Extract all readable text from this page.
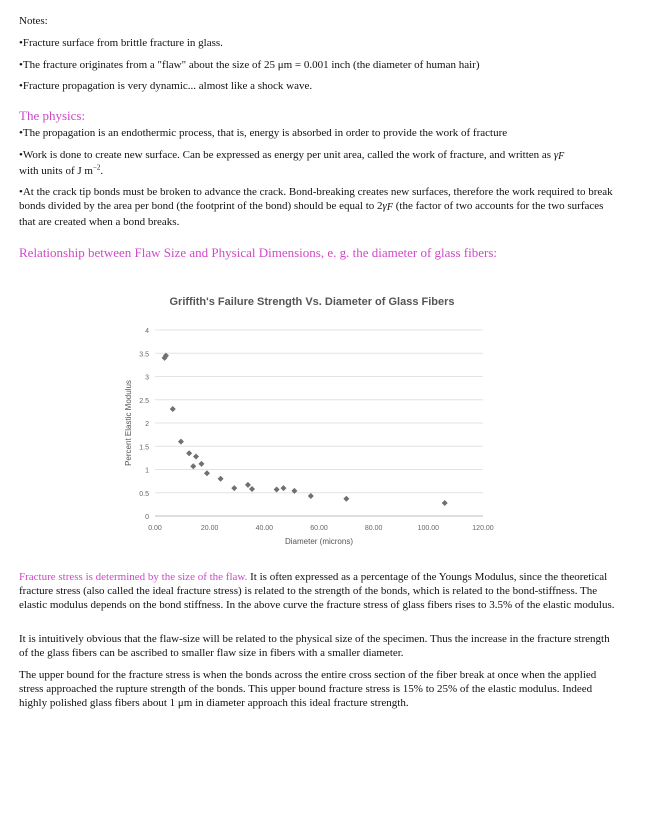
Notes:
•Fracture surface from brittle fracture in glass.
•The fracture originates from a "flaw" about the size of 25 μm = 0.001 inch (the diameter of human hair)
•Fracture propagation is very dynamic... almost like a shock wave.
The physics:
•The propagation is an endothermic process, that is, energy is absorbed in order to provide the work of fracture
•Work is done to create new surface. Can be expressed as energy per unit area, called the work of fracture, and written as $\gamma_F$
with units of J $m^{-2}$.
•At the crack tip bonds must be broken to advance the crack. Bond-breaking creates new surfaces, therefore the work required to break bonds divided by the area per bond (the footprint of the bond) should be equal to $2\gamma_F$ (the factor of two accounts for the two surfaces that are created when a bond breaks.
Relationship between Flaw Size and Physical Dimensions, e. g. the diameter of glass fibers:
Griffith's Failure Strength Vs. Diameter of Glass Fibers
Percent Elastic Modulus
Diameter (microns)
0
0.5
1
1.5
2
2.5
3
3.5
4
0.00	20.00	40.00	60.00	80.00	100.00	120.00
Fracture stress is determined by the size of the flaw. It is often expressed as a percentage of the Youngs Modulus, since the theoretical fracture stress (also called the ideal fracture stress) is related to the strength of the bonds, which is related to the bond-stiffness. The elastic modulus depends on the bond stiffness. In the above curve the fracture stress of glass fibers rises to 3.5% of the elastic modulus.
It is intuitively obvious that the flaw-size will be related to the physical size of the specimen. Thus the increase in the fracture strength of the glass fibers can be ascribed to smaller flaw size in fibers with a smaller diameter.
The upper bound for the fracture stress is when the bonds across the entire cross section of the fiber break at once when the applied stress approached the rupture strength of the bonds. This upper bound fracture stress is 15% to 25% of the elastic modulus. Indeed highly polished glass fibers about 1 μm in diameter approach this ideal fracture strength.
